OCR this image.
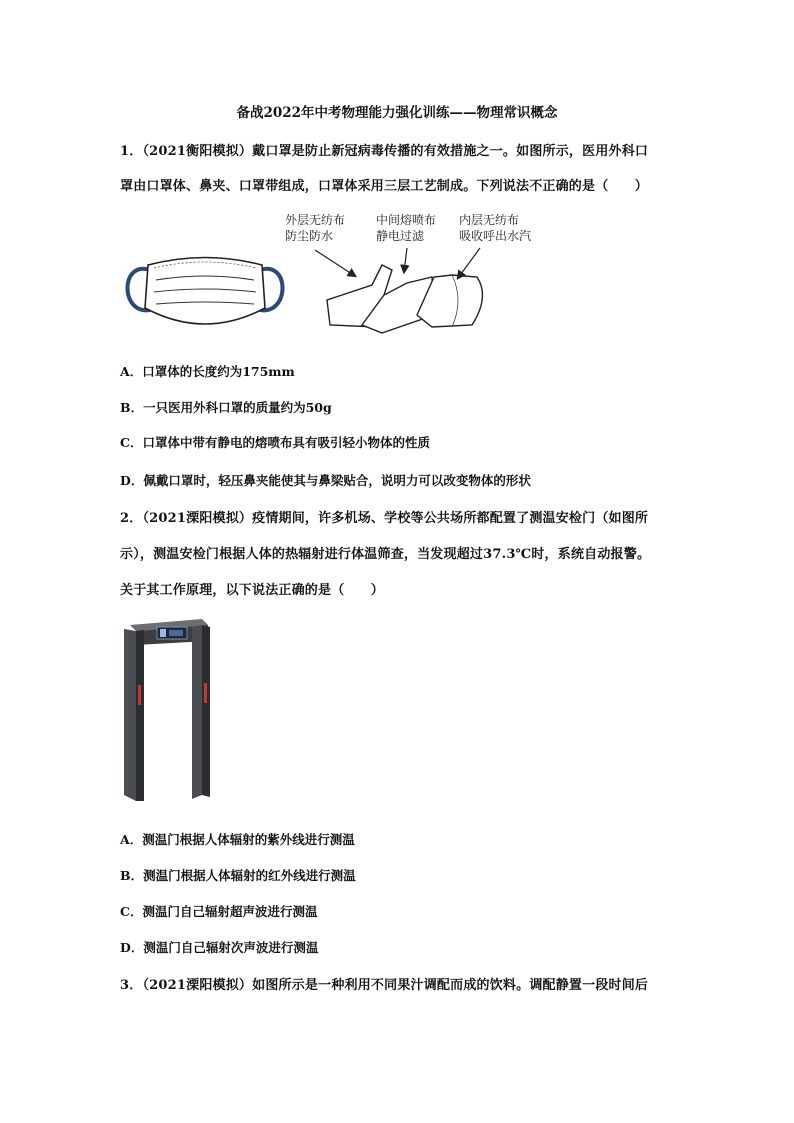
备战2022年中考物理能力强化训练——物理常识概念
1．（2021衡阳模拟）戴口罩是防止新冠病毒传播的有效措施之一。如图所示，医用外科口
罩由口罩体、鼻夹、口罩带组成，口罩体采用三层工艺制成。下列说法不正确的是（　　）
外层无纺布
防尘防水
中间熔喷布
静电过滤
内层无纺布
吸收呼出水汽
A．口罩体的长度约为175mm
B．一只医用外科口罩的质量约为50g
C．口罩体中带有静电的熔喷布具有吸引轻小物体的性质
D．佩戴口罩时，轻压鼻夹能使其与鼻梁贴合，说明力可以改变物体的形状
2．（2021溧阳模拟）疫情期间，许多机场、学校等公共场所都配置了测温安检门（如图所
示），测温安检门根据人体的热辐射进行体温筛查，当发现超过37.3℃时，系统自动报警。
关于其工作原理，以下说法正确的是（　　）
A．测温门根据人体辐射的紫外线进行测温
B．测温门根据人体辐射的红外线进行测温
C．测温门自己辐射超声波进行测温
D．测温门自己辐射次声波进行测温
3．（2021溧阳模拟）如图所示是一种利用不同果汁调配而成的饮料。调配静置一段时间后
